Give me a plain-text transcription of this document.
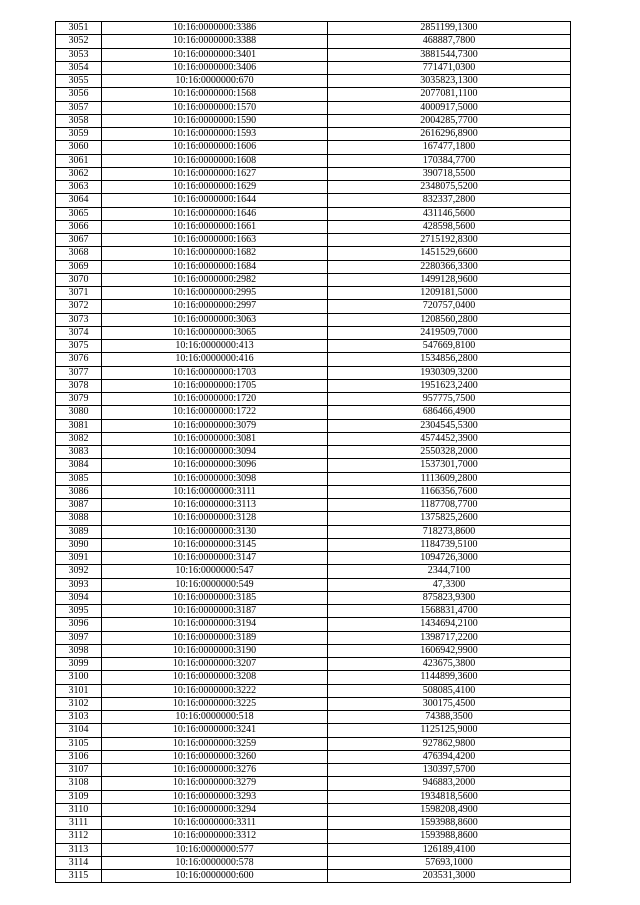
3051	10:16:0000000:3386	2851199,1300
3052	10:16:0000000:3388	468887,7800
3053	10:16:0000000:3401	3881544,7300
3054	10:16:0000000:3406	771471,0300
3055	10:16:0000000:670	3035823,1300
3056	10:16:0000000:1568	2077081,1100
3057	10:16:0000000:1570	4000917,5000
3058	10:16:0000000:1590	2004285,7700
3059	10:16:0000000:1593	2616296,8900
3060	10:16:0000000:1606	167477,1800
3061	10:16:0000000:1608	170384,7700
3062	10:16:0000000:1627	390718,5500
3063	10:16:0000000:1629	2348075,5200
3064	10:16:0000000:1644	832337,2800
3065	10:16:0000000:1646	431146,5600
3066	10:16:0000000:1661	428598,5600
3067	10:16:0000000:1663	2715192,8300
3068	10:16:0000000:1682	1451529,6600
3069	10:16:0000000:1684	2280366,3300
3070	10:16:0000000:2982	1499128,9600
3071	10:16:0000000:2995	1209181,5000
3072	10:16:0000000:2997	720757,0400
3073	10:16:0000000:3063	1208560,2800
3074	10:16:0000000:3065	2419509,7000
3075	10:16:0000000:413	547669,8100
3076	10:16:0000000:416	1534856,2800
3077	10:16:0000000:1703	1930309,3200
3078	10:16:0000000:1705	1951623,2400
3079	10:16:0000000:1720	957775,7500
3080	10:16:0000000:1722	686466,4900
3081	10:16:0000000:3079	2304545,5300
3082	10:16:0000000:3081	4574452,3900
3083	10:16:0000000:3094	2550328,2000
3084	10:16:0000000:3096	1537301,7000
3085	10:16:0000000:3098	1113609,2800
3086	10:16:0000000:3111	1166356,7600
3087	10:16:0000000:3113	1187708,7700
3088	10:16:0000000:3128	1375825,2600
3089	10:16:0000000:3130	718273,8600
3090	10:16:0000000:3145	1184739,5100
3091	10:16:0000000:3147	1094726,3000
3092	10:16:0000000:547	2344,7100
3093	10:16:0000000:549	47,3300
3094	10:16:0000000:3185	875823,9300
3095	10:16:0000000:3187	1568831,4700
3096	10:16:0000000:3194	1434694,2100
3097	10:16:0000000:3189	1398717,2200
3098	10:16:0000000:3190	1606942,9900
3099	10:16:0000000:3207	423675,3800
3100	10:16:0000000:3208	1144899,3600
3101	10:16:0000000:3222	508085,4100
3102	10:16:0000000:3225	300175,4500
3103	10:16:0000000:518	74388,3500
3104	10:16:0000000:3241	1125125,9000
3105	10:16:0000000:3259	927862,9800
3106	10:16:0000000:3260	476394,4200
3107	10:16:0000000:3276	130397,5700
3108	10:16:0000000:3279	946883,2000
3109	10:16:0000000:3293	1934818,5600
3110	10:16:0000000:3294	1598208,4900
3111	10:16:0000000:3311	1593988,8600
3112	10:16:0000000:3312	1593988,8600
3113	10:16:0000000:577	126189,4100
3114	10:16:0000000:578	57693,1000
3115	10:16:0000000:600	203531,3000
